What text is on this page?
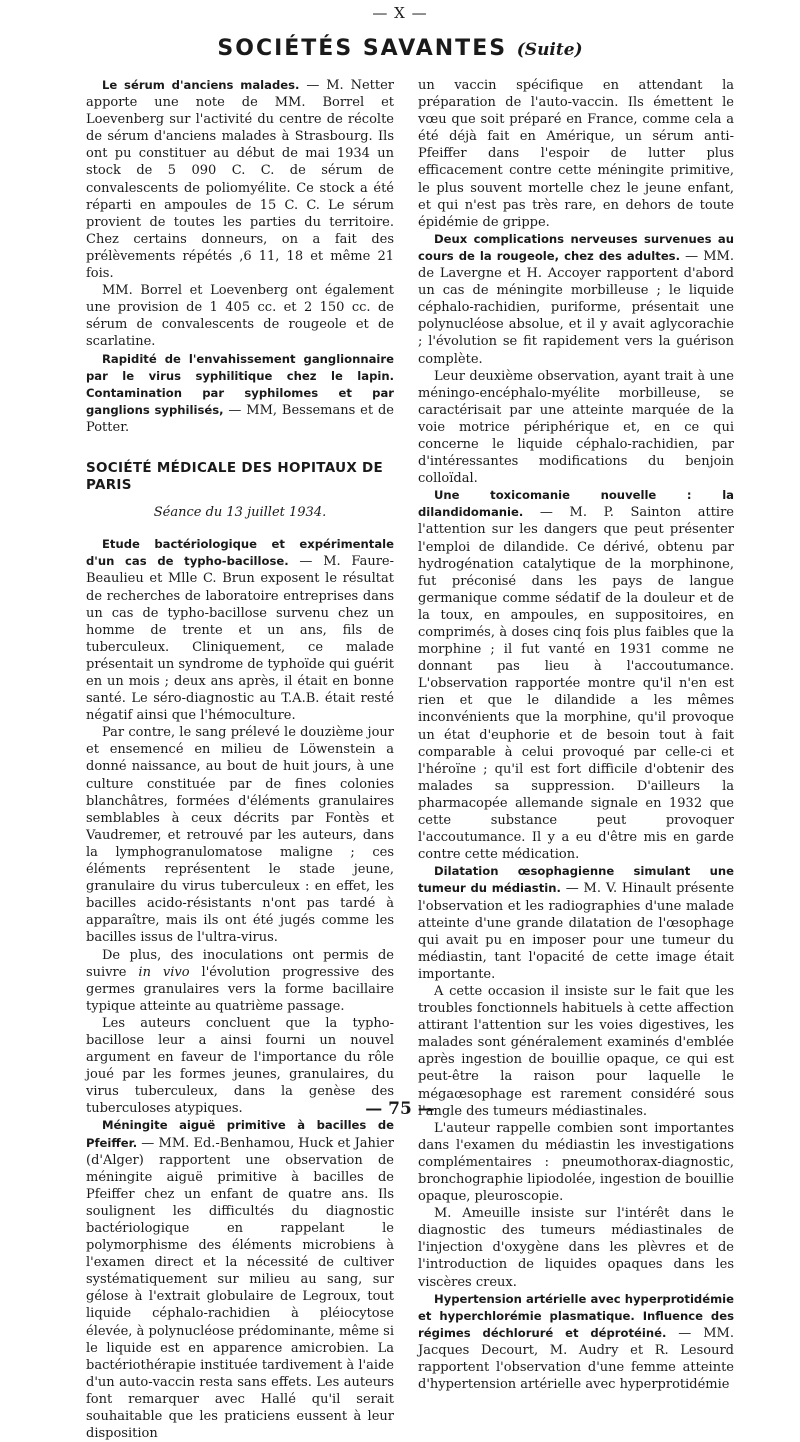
— X —
SOCIÉTÉS SAVANTES (Suite)

Le sérum d'anciens malades. — M. Netter apporte une note de MM. Borrel et Loevenberg sur l'activité du centre de récolte de sérum d'anciens malades à Strasbourg. Ils ont pu constituer au début de mai 1934 un stock de 5 090 C. C. de sérum de convalescents de poliomyélite. Ce stock a été réparti en ampoules de 15 C. C. Le sérum provient de toutes les parties du territoire. Chez certains donneurs, on a fait des prélèvements répétés ,6 11, 18 et même 21 fois.

MM. Borrel et Loevenberg ont également une provision de 1 405 cc. et 2 150 cc. de sérum de convalescents de rougeole et de scarlatine.

Rapidité de l'envahissement ganglionnaire par le virus syphilitique chez le lapin. Contamination par syphilomes et par ganglions syphilisés, — MM, Bessemans et de Potter.

SOCIÉTÉ MÉDICALE DES HOPITAUX DE PARIS
Séance du 13 juillet 1934.

Etude bactériologique et expérimentale d'un cas de typho-bacillose. — M. Faure-Beaulieu et Mlle C. Brun exposent le résultat de recherches de laboratoire entreprises dans un cas de typho-bacillose survenu chez un homme de trente et un ans, fils de tuberculeux. Cliniquement, ce malade présentait un syndrome de typhoïde qui guérit en un mois ; deux ans après, il était en bonne santé. Le séro-diagnostic au T.A.B. était resté négatif ainsi que l'hémoculture.

Par contre, le sang prélevé le douzième jour et ensemencé en milieu de Löwenstein a donné naissance, au bout de huit jours, à une culture constituée par de fines colonies blanchâtres, formées d'éléments granulaires semblables à ceux décrits par Fontès et Vaudremer, et retrouvé par les auteurs, dans la lymphogranulomatose maligne ; ces éléments représentent le stade jeune, granulaire du virus tuberculeux : en effet, les bacilles acido-résistants n'ont pas tardé à apparaître, mais ils ont été jugés comme les bacilles issus de l'ultra-virus.

De plus, des inoculations ont permis de suivre in vivo l'évolution progressive des germes granulaires vers la forme bacillaire typique atteinte au quatrième passage.

Les auteurs concluent que la typho-bacillose leur a ainsi fourni un nouvel argument en faveur de l'importance du rôle joué par les formes jeunes, granulaires, du virus tuberculeux, dans la genèse des tuberculoses atypiques.

Méningite aiguë primitive à bacilles de Pfeiffer. — MM. Ed.-Benhamou, Huck et Jahier (d'Alger) rapportent une observation de méningite aiguë primitive à bacilles de Pfeiffer chez un enfant de quatre ans. Ils soulignent les difficultés du diagnostic bactériologique en rappelant le polymorphisme des éléments microbiens à l'examen direct et la nécessité de cultiver systématiquement sur milieu au sang, sur gélose à l'extrait globulaire de Legroux, tout liquide céphalo-rachidien à pléiocytose élevée, à polynucléose prédominante, même si le liquide est en apparence amicrobien. La bactériothérapie instituée tardivement à l'aide d'un auto-vaccin resta sans effets. Les auteurs font remarquer avec Hallé qu'il serait souhaitable que les praticiens eussent à leur disposition

un vaccin spécifique en attendant la préparation de l'auto-vaccin. Ils émettent le vœu que soit préparé en France, comme cela a été déjà fait en Amérique, un sérum anti-Pfeiffer dans l'espoir de lutter plus efficacement contre cette méningite primitive, le plus souvent mortelle chez le jeune enfant, et qui n'est pas très rare, en dehors de toute épidémie de grippe.

Deux complications nerveuses survenues au cours de la rougeole, chez des adultes. — MM. de Lavergne et H. Accoyer rapportent d'abord un cas de méningite morbilleuse ; le liquide céphalo-rachidien, puriforme, présentait une polynucléose absolue, et il y avait aglycorachie ; l'évolution se fit rapidement vers la guérison complète.

Leur deuxième observation, ayant trait à une méningo-encéphalo-myélite morbilleuse, se caractérisait par une atteinte marquée de la voie motrice périphérique et, en ce qui concerne le liquide céphalo-rachidien, par d'intéressantes modifications du benjoin colloïdal.

Une toxicomanie nouvelle : la dilandidomanie. — M. P. Sainton attire l'attention sur les dangers que peut présenter l'emploi de dilandide. Ce dérivé, obtenu par hydrogénation catalytique de la morphinone, fut préconisé dans les pays de langue germanique comme sédatif de la douleur et de la toux, en ampoules, en suppositoires, en comprimés, à doses cinq fois plus faibles que la morphine ; il fut vanté en 1931 comme ne donnant pas lieu à l'accoutumance. L'observation rapportée montre qu'il n'en est rien et que le dilandide a les mêmes inconvénients que la morphine, qu'il provoque un état d'euphorie et de besoin tout à fait comparable à celui provoqué par celle-ci et l'héroïne ; qu'il est fort difficile d'obtenir des malades sa suppression. D'ailleurs la pharmacopée allemande signale en 1932 que cette substance peut provoquer l'accoutumance. Il y a eu d'être mis en garde contre cette médication.

Dilatation œsophagienne simulant une tumeur du médiastin. — M. V. Hinault présente l'observation et les radiographies d'une malade atteinte d'une grande dilatation de l'œsophage qui avait pu en imposer pour une tumeur du médiastin, tant l'opacité de cette image était importante.

A cette occasion il insiste sur le fait que les troubles fonctionnels habituels à cette affection attirant l'attention sur les voies digestives, les malades sont généralement examinés d'emblée après ingestion de bouillie opaque, ce qui est peut-être la raison pour laquelle le mégaœsophage est rarement considéré sous l'angle des tumeurs médiastinales.

L'auteur rappelle combien sont importantes dans l'examen du médiastin les investigations complémentaires : pneumothorax-diagnostic, bronchographie lipiodolée, ingestion de bouillie opaque, pleuroscopie.

M. Ameuille insiste sur l'intérêt dans le diagnostic des tumeurs médiastinales de l'injection d'oxygène dans les plèvres et de l'introduction de liquides opaques dans les viscères creux.

Hypertension artérielle avec hyperprotidémie et hyperchlorémie plasmatique. Influence des régimes déchloruré et déprotéiné. — MM. Jacques Decourt, M. Audry et R. Lesourd rapportent l'observation d'une femme atteinte d'hypertension artérielle avec hyperprotidémie

— 75 —
